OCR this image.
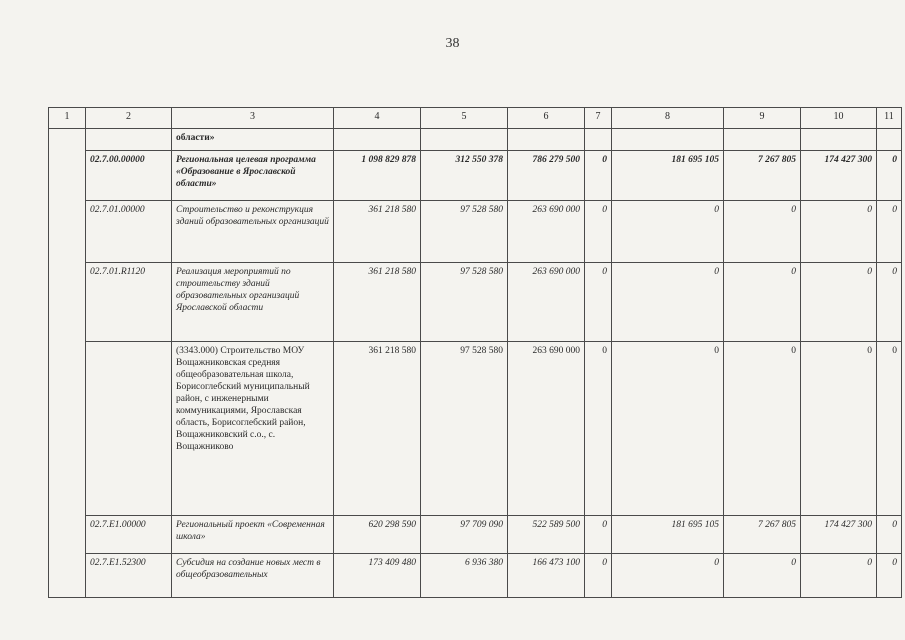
38
1	2	3	4	5	6	7	8	9	10	11
		области»								
	02.7.00.00000	Региональная целевая программа «Образование в Ярославской области»	1 098 829 878	312 550 378	786 279 500	0	181 695 105	7 267 805	174 427 300	0
	02.7.01.00000	Строительство и реконструкция зданий образовательных организаций	361 218 580	97 528 580	263 690 000	0	0	0	0	0
	02.7.01.R1120	Реализация мероприятий по строительству зданий образовательных организаций Ярославской области	361 218 580	97 528 580	263 690 000	0	0	0	0	0
		(3343.000) Строительство МОУ Вощажниковская средняя общеобразовательная школа, Борисоглебский муниципальный район, с инженерными коммуникациями, Ярославская область, Борисоглебский район, Вощажниковский с.о., с. Вощажниково	361 218 580	97 528 580	263 690 000	0	0	0	0	0
	02.7.E1.00000	Региональный проект «Современная школа»	620 298 590	97 709 090	522 589 500	0	181 695 105	7 267 805	174 427 300	0
	02.7.E1.52300	Субсидия на создание новых мест в общеобразовательных	173 409 480	6 936 380	166 473 100	0	0	0	0	0
